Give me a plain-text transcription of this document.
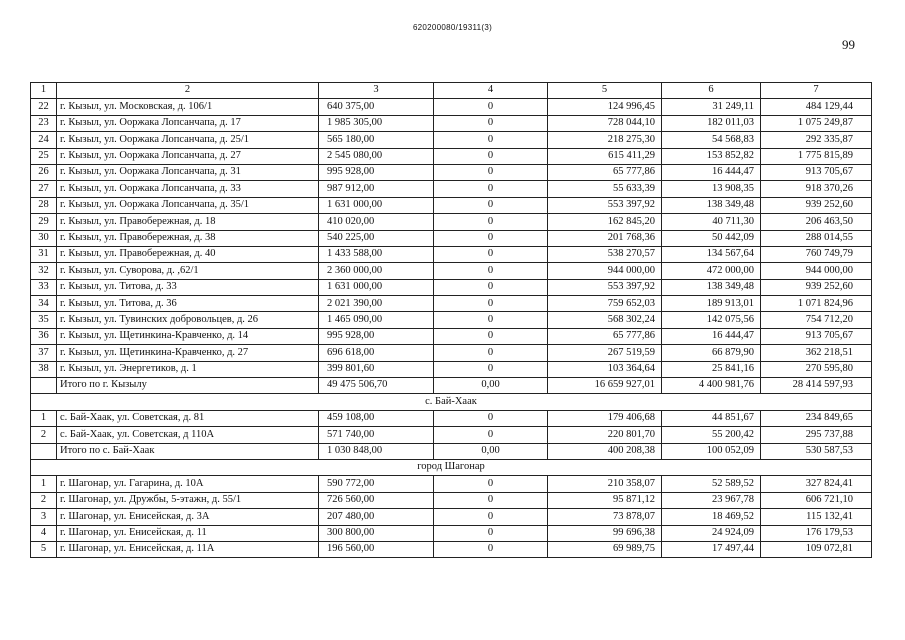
620200080/19311(3)
99
1	2	3	4	5	6	7
22	г. Кызыл, ул. Московская, д. 106/1	640 375,00	0	124 996,45	31 249,11	484 129,44
23	г. Кызыл, ул. Ооржака Лопсанчапа, д. 17	1 985 305,00	0	728 044,10	182 011,03	1 075 249,87
24	г. Кызыл, ул. Ооржака Лопсанчапа, д. 25/1	565 180,00	0	218 275,30	54 568,83	292 335,87
25	г. Кызыл, ул. Ооржака Лопсанчапа, д. 27	2 545 080,00	0	615 411,29	153 852,82	1 775 815,89
26	г. Кызыл, ул. Ооржака Лопсанчапа, д. 31	995 928,00	0	65 777,86	16 444,47	913 705,67
27	г. Кызыл, ул. Ооржака Лопсанчапа, д. 33	987 912,00	0	55 633,39	13 908,35	918 370,26
28	г. Кызыл, ул. Ооржака Лопсанчапа, д. 35/1	1 631 000,00	0	553 397,92	138 349,48	939 252,60
29	г. Кызыл, ул. Правобережная, д. 18	410 020,00	0	162 845,20	40 711,30	206 463,50
30	г. Кызыл, ул. Правобережная, д. 38	540 225,00	0	201 768,36	50 442,09	288 014,55
31	г. Кызыл, ул. Правобережная, д. 40	1 433 588,00	0	538 270,57	134 567,64	760 749,79
32	г. Кызыл, ул. Суворова, д. ,62/1	2 360 000,00	0	944 000,00	472 000,00	944 000,00
33	г. Кызыл, ул. Титова, д. 33	1 631 000,00	0	553 397,92	138 349,48	939 252,60
34	г. Кызыл, ул. Титова, д. 36	2 021 390,00	0	759 652,03	189 913,01	1 071 824,96
35	г. Кызыл, ул. Тувинских добровольцев, д. 26	1 465 090,00	0	568 302,24	142 075,56	754 712,20
36	г. Кызыл, ул. Щетинкина-Кравченко, д. 14	995 928,00	0	65 777,86	16 444,47	913 705,67
37	г. Кызыл, ул. Щетинкина-Кравченко, д. 27	696 618,00	0	267 519,59	66 879,90	362 218,51
38	г. Кызыл, ул. Энергетиков, д. 1	399 801,60	0	103 364,64	25 841,16	270 595,80
	Итого по г. Кызылу	49 475 506,70	0,00	16 659 927,01	4 400 981,76	28 414 597,93
с. Бай-Хаак						
1	с. Бай-Хаак, ул. Советская, д. 81	459 108,00	0	179 406,68	44 851,67	234 849,65
2	с. Бай-Хаак, ул. Советская, д 110А	571 740,00	0	220 801,70	55 200,42	295 737,88
	Итого по с. Бай-Хаак	1 030 848,00	0,00	400 208,38	100 052,09	530 587,53
город Шагонар						
1	г. Шагонар, ул. Гагарина, д. 10А	590 772,00	0	210 358,07	52 589,52	327 824,41
2	г. Шагонар, ул. Дружбы, 5-этажн, д. 55/1	726 560,00	0	95 871,12	23 967,78	606 721,10
3	г. Шагонар, ул. Енисейская, д. 3А	207 480,00	0	73 878,07	18 469,52	115 132,41
4	г. Шагонар, ул. Енисейская, д. 11	300 800,00	0	99 696,38	24 924,09	176 179,53
5	г. Шагонар, ул. Енисейская, д. 11А	196 560,00	0	69 989,75	17 497,44	109 072,81
